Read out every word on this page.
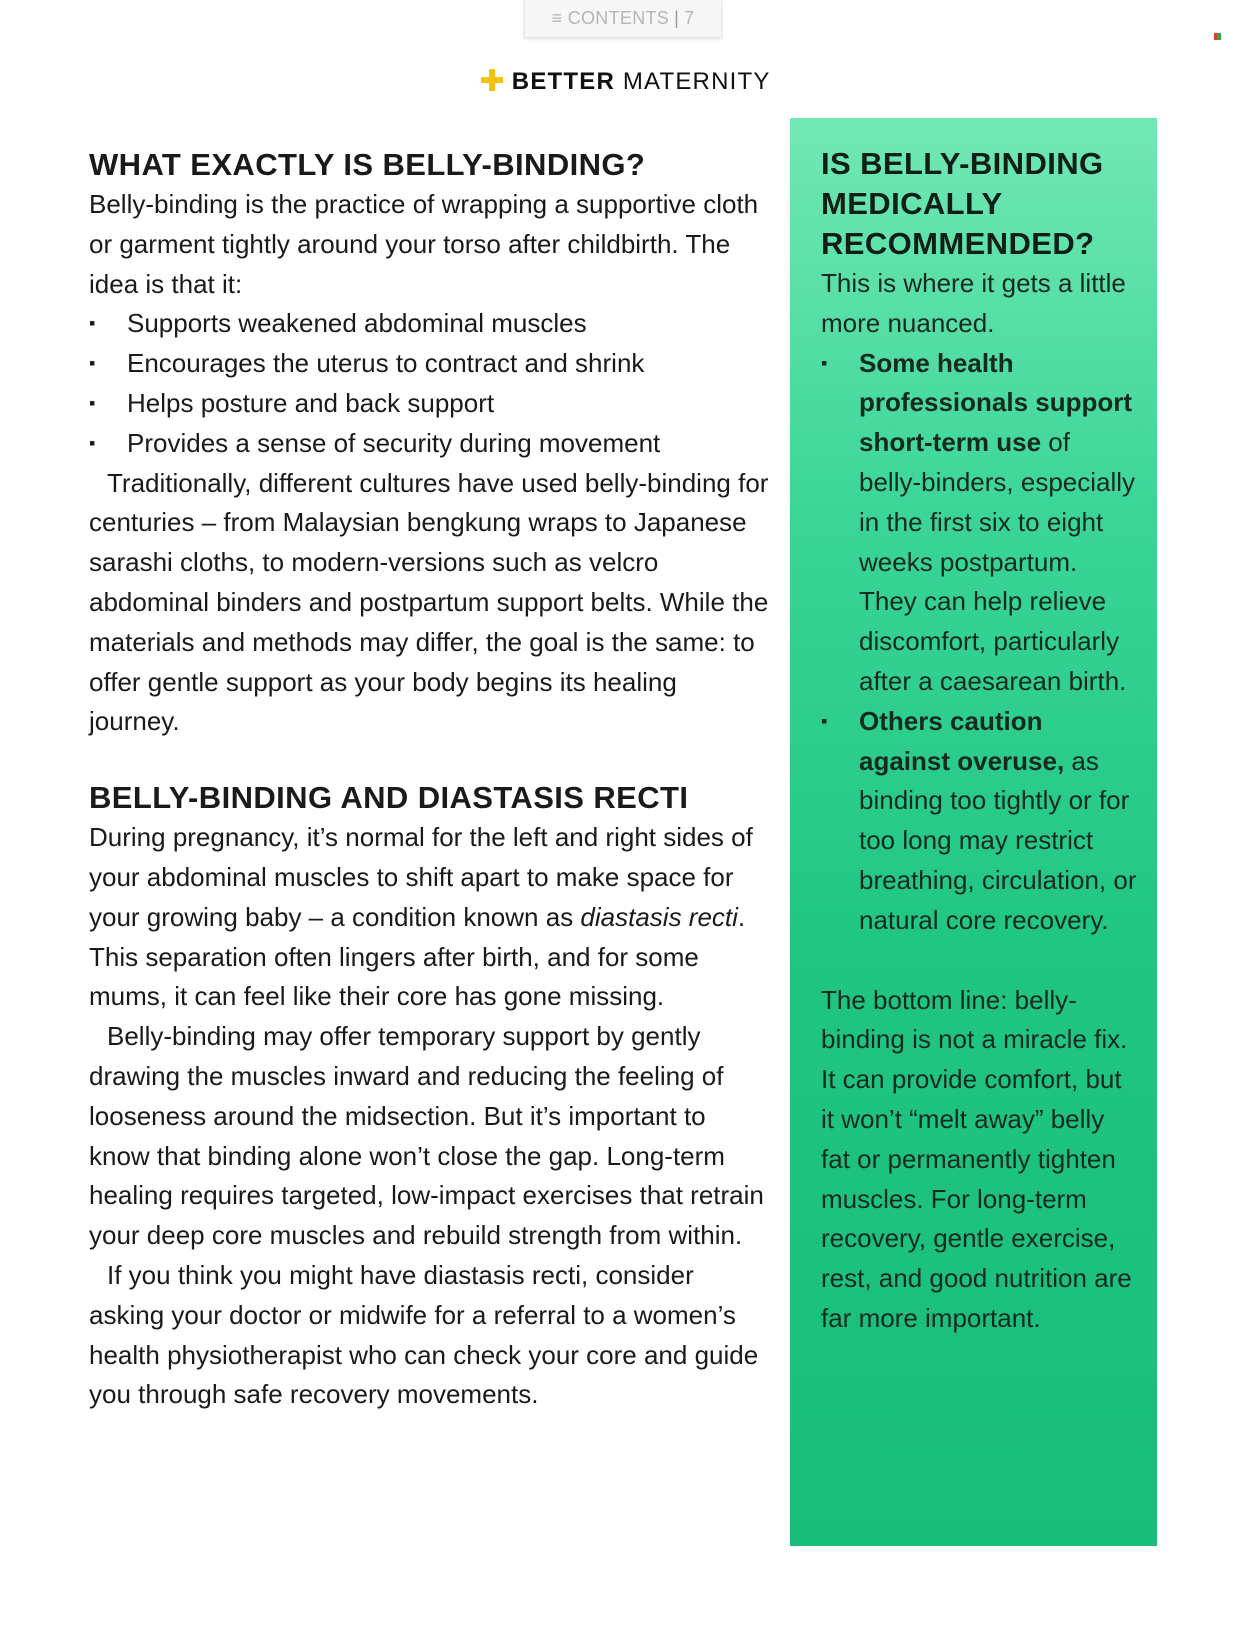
≡ CONTENTS | 7
✚ BETTER MATERNITY
WHAT EXACTLY IS BELLY-BINDING?

Belly-binding is the practice of wrapping a supportive cloth or garment tightly around your torso after childbirth. The idea is that it:

▪ Supports weakened abdominal muscles
▪ Encourages the uterus to contract and shrink
▪ Helps posture and back support
▪ Provides a sense of security during movement

Traditionally, different cultures have used belly-binding for centuries – from Malaysian bengkung wraps to Japanese sarashi cloths, to modern-versions such as velcro abdominal binders and postpartum support belts. While the materials and methods may differ, the goal is the same: to offer gentle support as your body begins its healing journey.

BELLY-BINDING AND DIASTASIS RECTI

During pregnancy, it’s normal for the left and right sides of your abdominal muscles to shift apart to make space for your growing baby – a condition known as diastasis recti. This separation often lingers after birth, and for some mums, it can feel like their core has gone missing.

Belly-binding may offer temporary support by gently drawing the muscles inward and reducing the feeling of looseness around the midsection. But it’s important to know that binding alone won’t close the gap. Long-term healing requires targeted, low-impact exercises that retrain your deep core muscles and rebuild strength from within.

If you think you might have diastasis recti, consider asking your doctor or midwife for a referral to a women’s health physiotherapist who can check your core and guide you through safe recovery movements.

IS BELLY-BINDING MEDICALLY RECOMMENDED?

This is where it gets a little more nuanced.

▪ Some health professionals support short-term use of belly-binders, especially in the first six to eight weeks postpartum. They can help relieve discomfort, particularly after a caesarean birth.
▪ Others caution against overuse, as binding too tightly or for too long may restrict breathing, circulation, or natural core recovery.

The bottom line: belly-binding is not a miracle fix. It can provide comfort, but it won’t “melt away” belly fat or permanently tighten muscles. For long-term recovery, gentle exercise, rest, and good nutrition are far more important.
